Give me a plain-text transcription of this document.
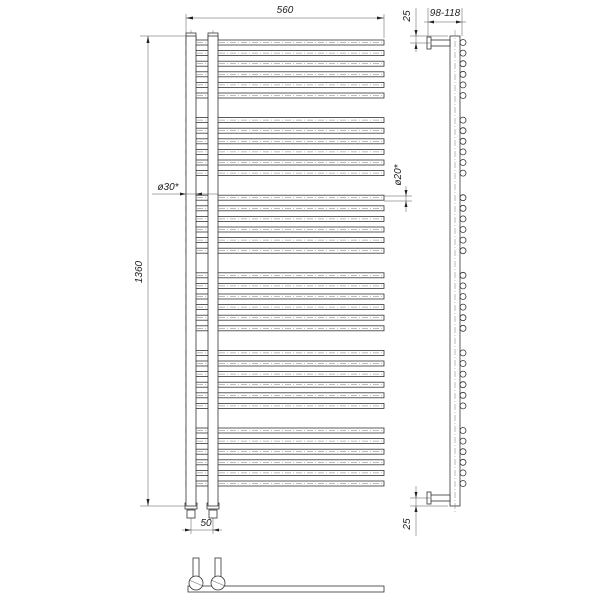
560
1360
ø30*
ø20*
50
98-118
25
25
